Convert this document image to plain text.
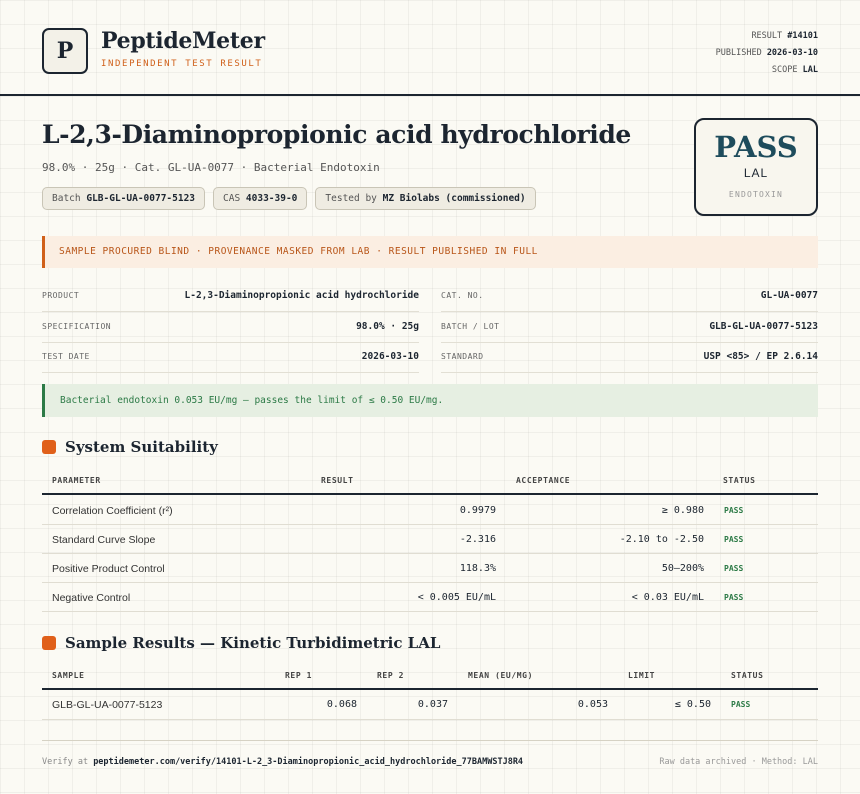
P PeptideMeter
INDEPENDENT TEST RESULT
RESULT #14101
PUBLISHED 2026-03-10
SCOPE LAL
L-2,3-Diaminopropionic acid hydrochloride
98.0% · 25g · Cat. GL-UA-0077 · Bacterial Endotoxin
Batch GLB-GL-UA-0077-5123	CAS 4033-39-0	Tested by MZ Biolabs (commissioned)
PASS
LAL
ENDOTOXIN
SAMPLE PROCURED BLIND · PROVENANCE MASKED FROM LAB · RESULT PUBLISHED IN FULL
PRODUCT	L-2,3-Diaminopropionic acid hydrochloride
SPECIFICATION	98.0% · 25g
TEST DATE	2026-03-10
CAT. NO.	GL-UA-0077
BATCH / LOT	GLB-GL-UA-0077-5123
STANDARD	USP <85> / EP 2.6.14
Bacterial endotoxin 0.053 EU/mg — passes the limit of ≤ 0.50 EU/mg.
System Suitability
PARAMETER	RESULT	ACCEPTANCE	STATUS
Correlation Coefficient (r²)	0.9979	≥ 0.980	PASS
Standard Curve Slope	-2.316	-2.10 to -2.50	PASS
Positive Product Control	118.3%	50–200%	PASS
Negative Control	< 0.005 EU/mL	< 0.03 EU/mL	PASS
Sample Results — Kinetic Turbidimetric LAL
SAMPLE	REP 1	REP 2	MEAN (EU/MG)	LIMIT	STATUS
GLB-GL-UA-0077-5123	0.068	0.037	0.053	≤ 0.50	PASS
Verify at peptidemeter.com/verify/14101-L-2_3-Diaminopropionic_acid_hydrochloride_77BAMWSTJ8R4	Raw data archived · Method: LAL
